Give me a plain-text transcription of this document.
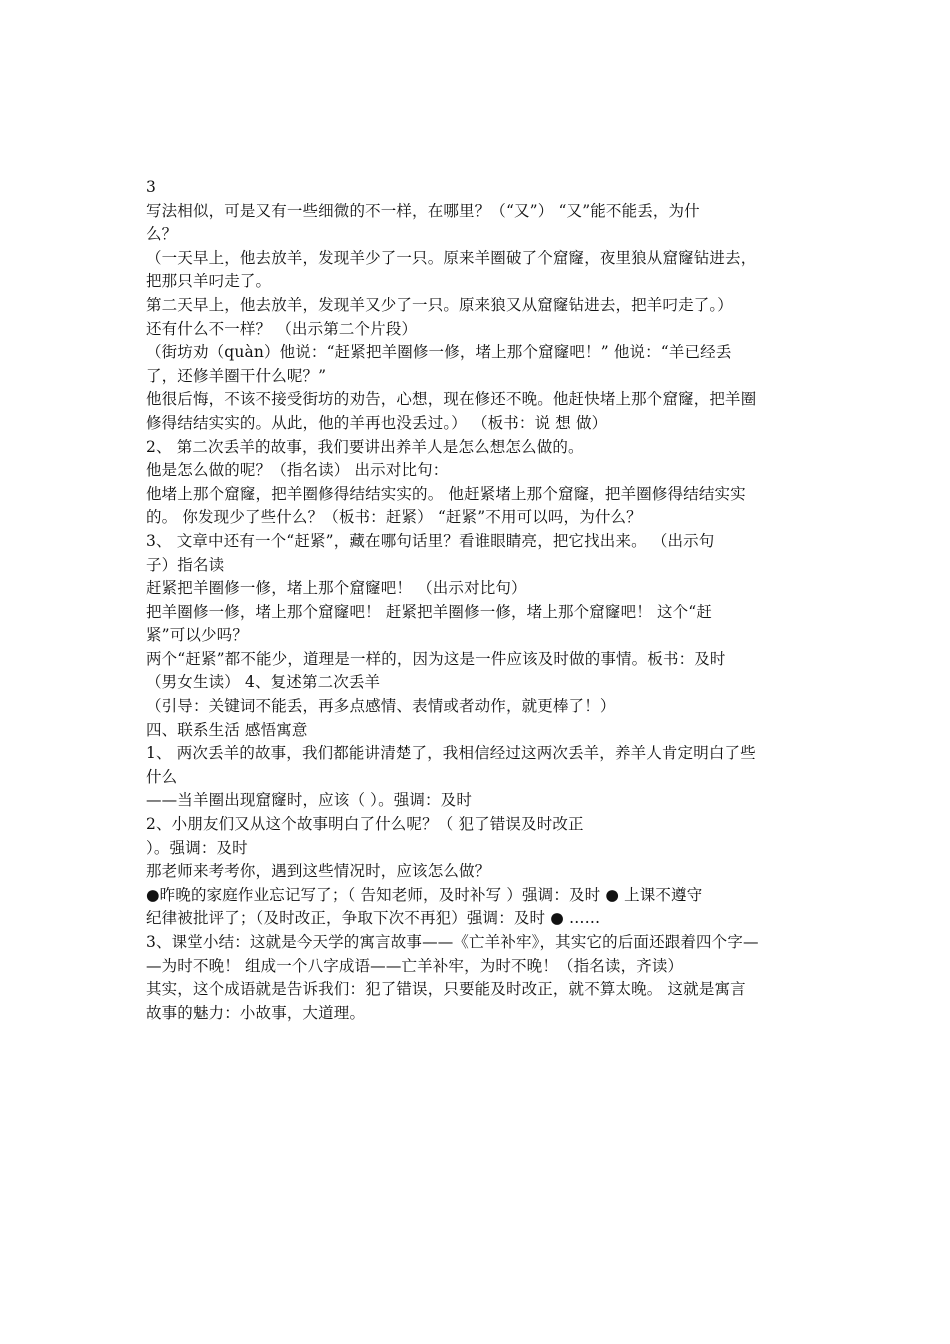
3
写法相似，可是又有一些细微的不一样，在哪里？（“又”） “又”能不能丢，为什
么？
（一天早上，他去放羊，发现羊少了一只。原来羊圈破了个窟窿，夜里狼从窟窿钻进去，
把那只羊叼走了。
第二天早上，他去放羊，发现羊又少了一只。原来狼又从窟窿钻进去，把羊叼走了。）
还有什么不一样？ （出示第二个片段）
（街坊劝（quàn）他说：“赶紧把羊圈修一修，堵上那个窟窿吧！” 他说：“羊已经丢
了，还修羊圈干什么呢？”
他很后悔，不该不接受街坊的劝告，心想，现在修还不晚。他赶快堵上那个窟窿，把羊圈
修得结结实实的。从此，他的羊再也没丢过。） （板书：说 想 做）
2、 第二次丢羊的故事，我们要讲出养羊人是怎么想怎么做的。
他是怎么做的呢？（指名读） 出示对比句：
他堵上那个窟窿，把羊圈修得结结实实的。 他赶紧堵上那个窟窿，把羊圈修得结结实实
的。 你发现少了些什么？（板书：赶紧） “赶紧”不用可以吗，为什么？
3、 文章中还有一个“赶紧”，藏在哪句话里？看谁眼睛亮，把它找出来。 （出示句
子）指名读
赶紧把羊圈修一修，堵上那个窟窿吧！ （出示对比句）
把羊圈修一修，堵上那个窟窿吧！ 赶紧把羊圈修一修，堵上那个窟窿吧！ 这个“赶
紧”可以少吗？
两个“赶紧”都不能少，道理是一样的，因为这是一件应该及时做的事情。板书：及时
（男女生读） 4、复述第二次丢羊
（引导：关键词不能丢，再多点感情、表情或者动作，就更棒了！）
四、联系生活 感悟寓意
1、 两次丢羊的故事，我们都能讲清楚了，我相信经过这两次丢羊，养羊人肯定明白了些
什么
——当羊圈出现窟窿时，应该（ ）。强调：及时
2、小朋友们又从这个故事明白了什么呢？（ 犯了错误及时改正
）。强调：及时
那老师来考考你，遇到这些情况时，应该怎么做？
●昨晚的家庭作业忘记写了；（ 告知老师，及时补写 ）强调：及时 ● 上课不遵守
纪律被批评了；（及时改正，争取下次不再犯）强调：及时 ● ……
3、课堂小结：这就是今天学的寓言故事——《亡羊补牢》，其实它的后面还跟着四个字—
—为时不晚！ 组成一个八字成语——亡羊补牢，为时不晚！（指名读，齐读）
其实，这个成语就是告诉我们：犯了错误，只要能及时改正，就不算太晚。 这就是寓言
故事的魅力：小故事，大道理。
